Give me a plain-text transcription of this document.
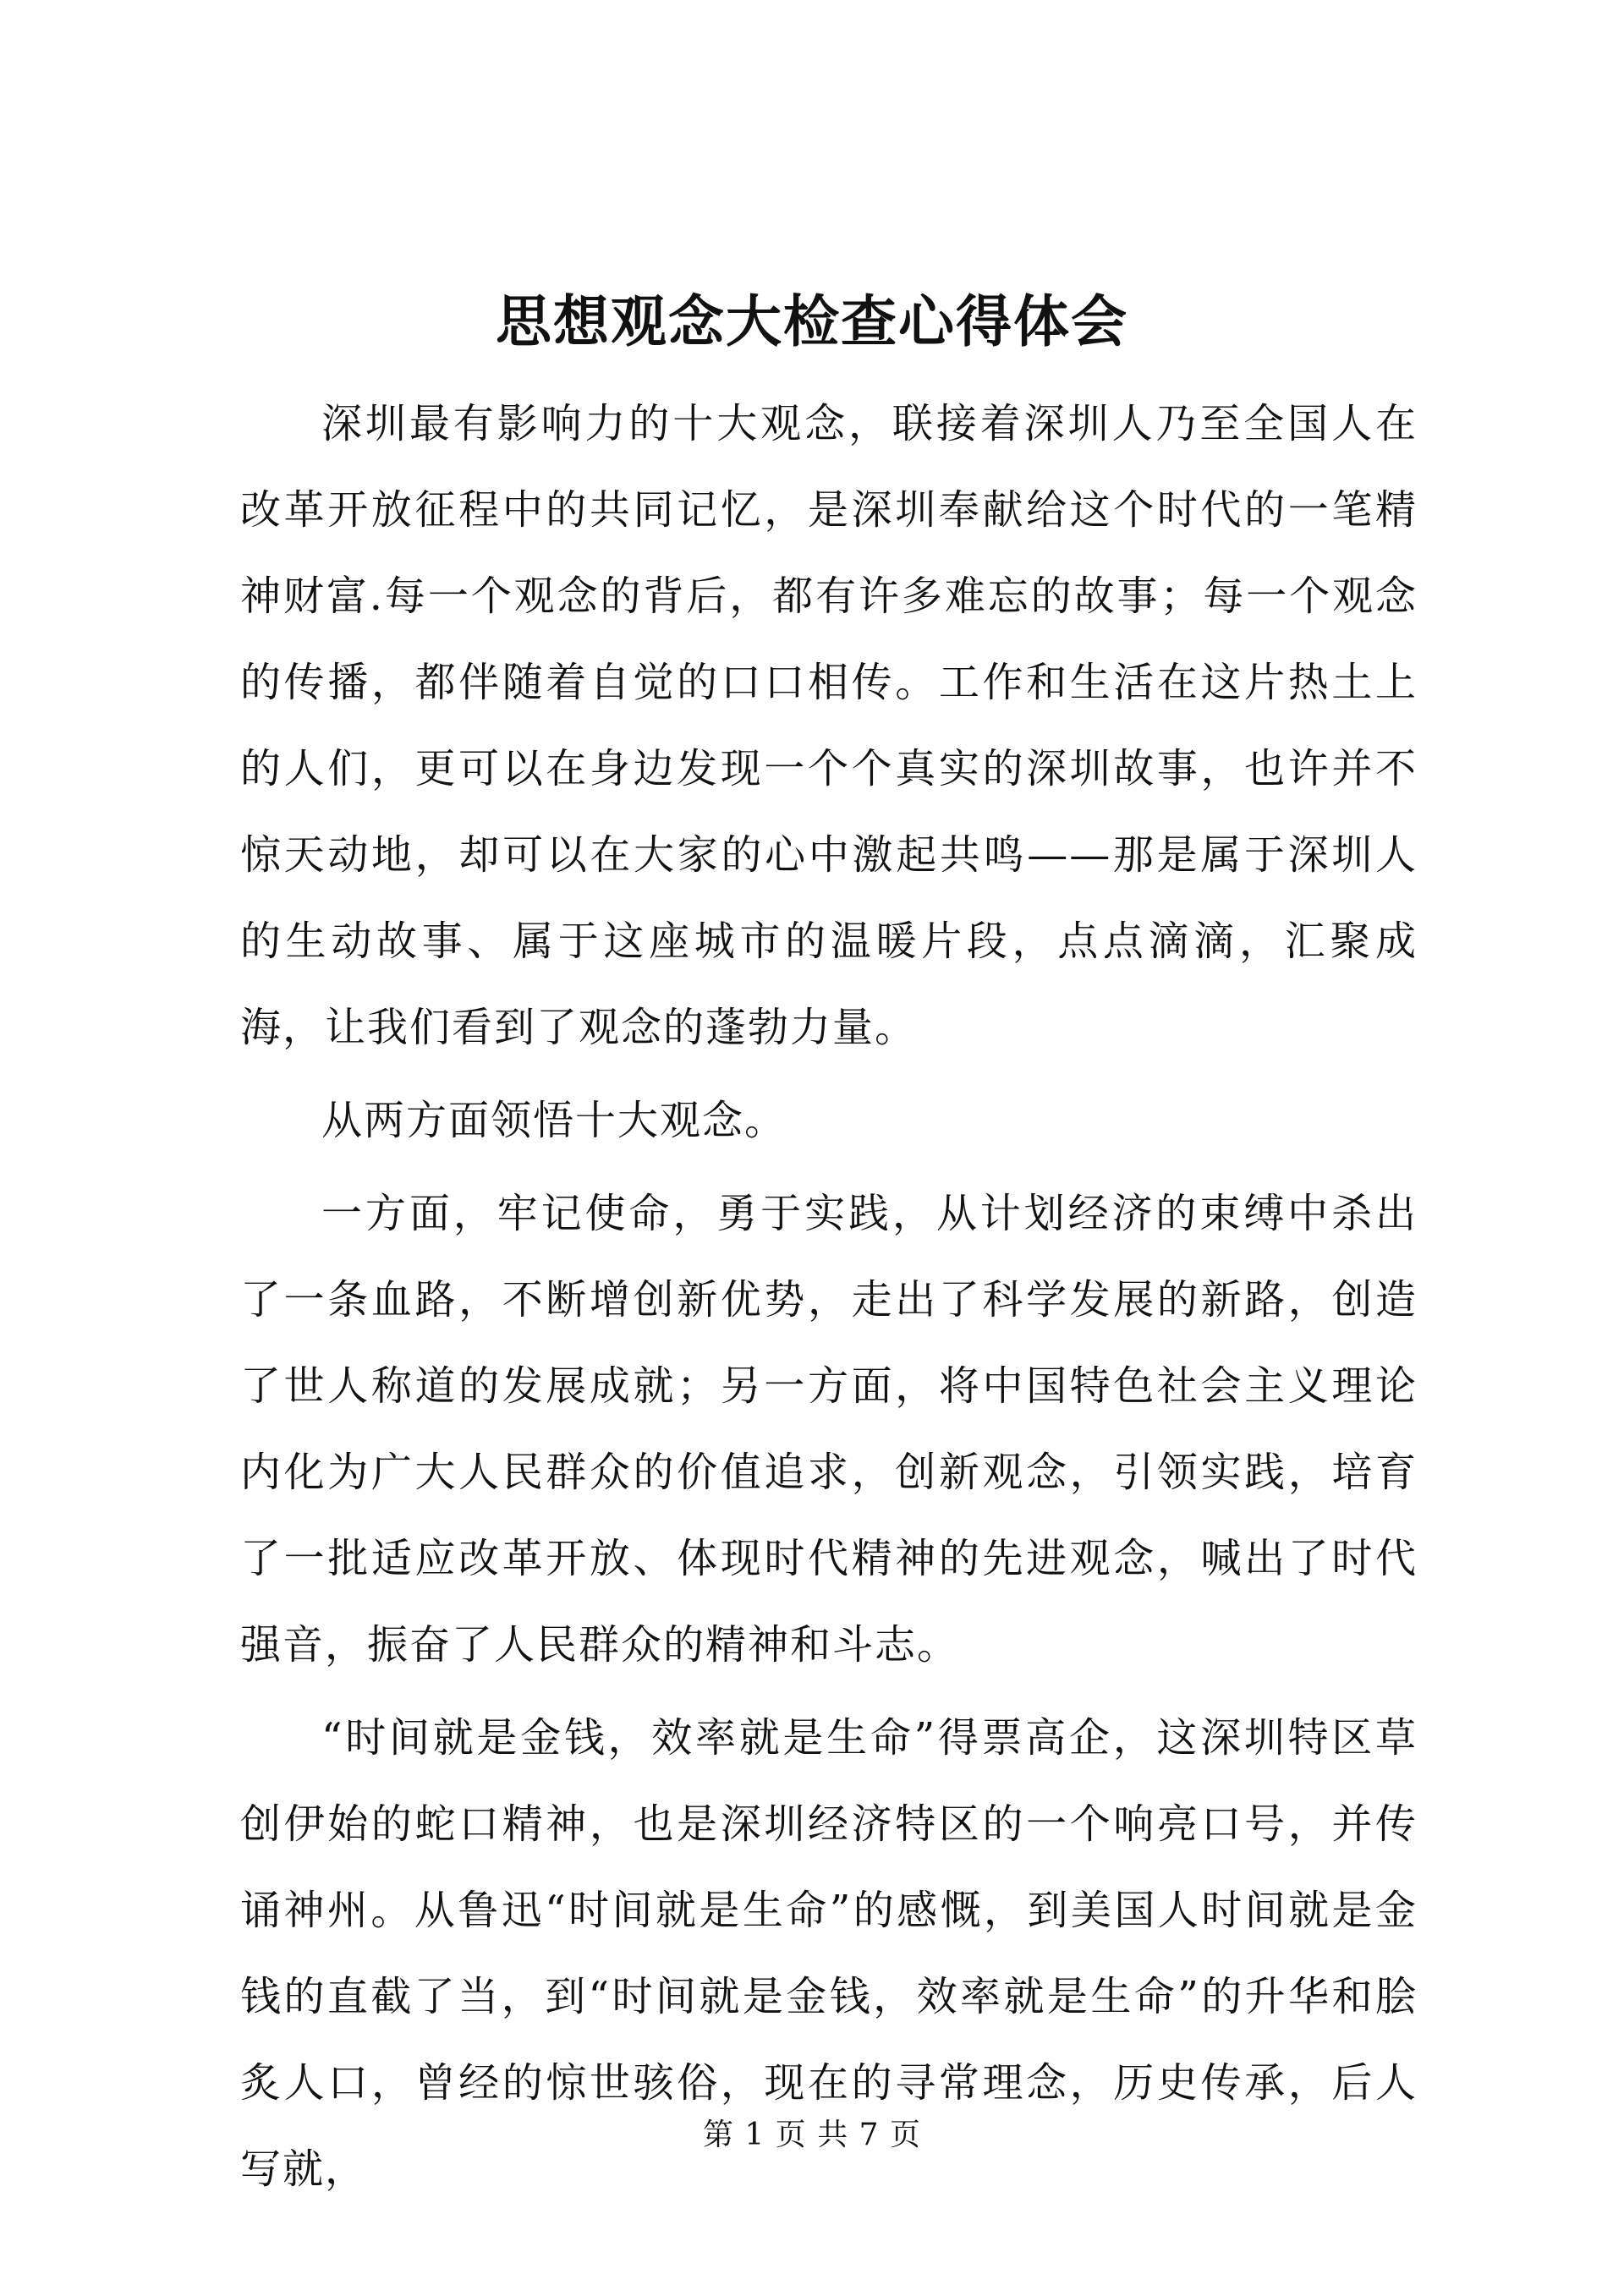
思想观念大检查心得体会

深圳最有影响力的十大观念，联接着深圳人乃至全国人在改革开放征程中的共同记忆，是深圳奉献给这个时代的一笔精神财富.每一个观念的背后，都有许多难忘的故事；每一个观念的传播，都伴随着自觉的口口相传。工作和生活在这片热土上的人们，更可以在身边发现一个个真实的深圳故事，也许并不惊天动地，却可以在大家的心中激起共鸣——那是属于深圳人的生动故事、属于这座城市的温暖片段，点点滴滴，汇聚成海，让我们看到了观念的蓬勃力量。

从两方面领悟十大观念。

一方面，牢记使命，勇于实践，从计划经济的束缚中杀出了一条血路，不断增创新优势，走出了科学发展的新路，创造了世人称道的发展成就；另一方面，将中国特色社会主义理论内化为广大人民群众的价值追求，创新观念，引领实践，培育了一批适应改革开放、体现时代精神的先进观念，喊出了时代强音，振奋了人民群众的精神和斗志。

“时间就是金钱，效率就是生命”得票高企，这深圳特区草创伊始的蛇口精神，也是深圳经济特区的一个响亮口号，并传诵神州。从鲁迅“时间就是生命”的感慨，到美国人时间就是金钱的直截了当，到“时间就是金钱，效率就是生命”的升华和脍炙人口，曾经的惊世骇俗，现在的寻常理念，历史传承，后人写就，

第 1 页 共 7 页
